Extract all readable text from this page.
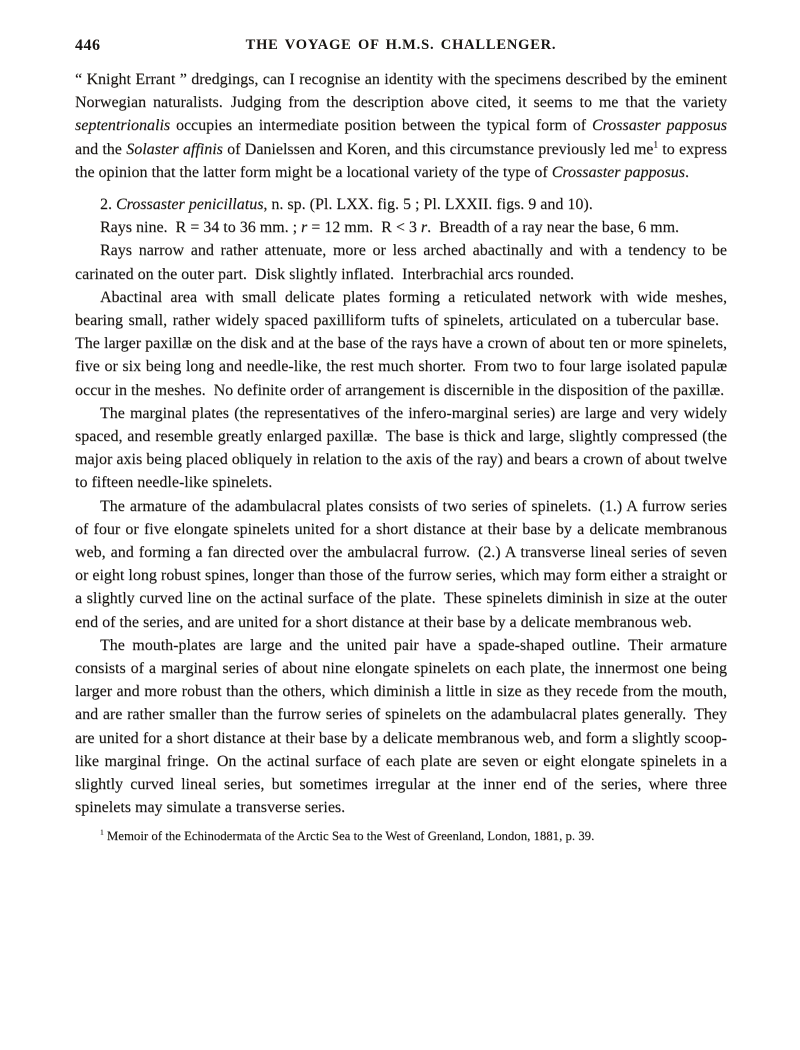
446	THE VOYAGE OF H.M.S. CHALLENGER.

“ Knight Errant ” dredgings, can I recognise an identity with the specimens described by the eminent Norwegian naturalists. Judging from the description above cited, it seems to me that the variety septentrionalis occupies an intermediate position between the typical form of Crossaster papposus and the Solaster affinis of Danielssen and Koren, and this circumstance previously led $me^1$ to express the opinion that the latter form might be a locational variety of the type of Crossaster papposus.

2. Crossaster penicillatus, n. sp. (Pl. LXX. fig. 5 ; Pl. LXXII. figs. 9 and 10).

Rays nine. R = 34 to 36 mm. ; r = 12 mm. R < 3 r. Breadth of a ray near the base, 6 mm.

Rays narrow and rather attenuate, more or less arched abactinally and with a tendency to be carinated on the outer part. Disk slightly inflated. Interbrachial arcs rounded.

Abactinal area with small delicate plates forming a reticulated network with wide meshes, bearing small, rather widely spaced paxilliform tufts of spinelets, articulated on a tubercular base. The larger paxillæ on the disk and at the base of the rays have a crown of about ten or more spinelets, five or six being long and needle-like, the rest much shorter. From two to four large isolated papulæ occur in the meshes. No definite order of arrangement is discernible in the disposition of the paxillæ.

The marginal plates (the representatives of the infero-marginal series) are large and very widely spaced, and resemble greatly enlarged paxillæ. The base is thick and large, slightly compressed (the major axis being placed obliquely in relation to the axis of the ray) and bears a crown of about twelve to fifteen needle-like spinelets.

The armature of the adambulacral plates consists of two series of spinelets. (1.) A furrow series of four or five elongate spinelets united for a short distance at their base by a delicate membranous web, and forming a fan directed over the ambulacral furrow. (2.) A transverse lineal series of seven or eight long robust spines, longer than those of the furrow series, which may form either a straight or a slightly curved line on the actinal surface of the plate. These spinelets diminish in size at the outer end of the series, and are united for a short distance at their base by a delicate membranous web.

The mouth-plates are large and the united pair have a spade-shaped outline. Their armature consists of a marginal series of about nine elongate spinelets on each plate, the innermost one being larger and more robust than the others, which diminish a little in size as they recede from the mouth, and are rather smaller than the furrow series of spinelets on the adambulacral plates generally. They are united for a short distance at their base by a delicate membranous web, and form a slightly scoop-like marginal fringe. On the actinal surface of each plate are seven or eight elongate spinelets in a slightly curved lineal series, but sometimes irregular at the inner end of the series, where three spinelets may simulate a transverse series.

$^1$ Memoir of the Echinodermata of the Arctic Sea to the West of Greenland, London, 1881, p. 39.
